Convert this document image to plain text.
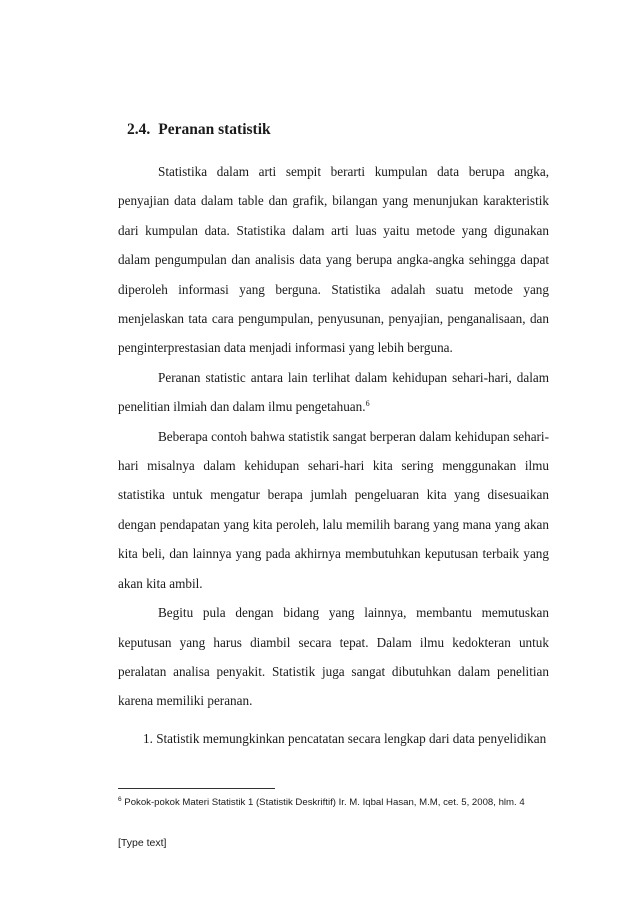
2.4. Peranan statistik

Statistika dalam arti sempit berarti kumpulan data berupa angka, penyajian data dalam table dan grafik, bilangan yang menunjukan karakteristik dari kumpulan data. Statistika dalam arti luas yaitu metode yang digunakan dalam pengumpulan dan analisis data yang berupa angka-angka sehingga dapat diperoleh informasi yang berguna. Statistika adalah suatu metode yang menjelaskan tata cara pengumpulan, penyusunan, penyajian, penganalisaan, dan penginterprestasian data menjadi informasi yang lebih berguna.

Peranan statistic antara lain terlihat dalam kehidupan sehari-hari, dalam penelitian ilmiah dan dalam ilmu pengetahuan.$^6$

Beberapa contoh bahwa statistik sangat berperan dalam kehidupan sehari-hari misalnya dalam kehidupan sehari-hari kita sering menggunakan ilmu statistika untuk mengatur berapa jumlah pengeluaran kita yang disesuaikan dengan pendapatan yang kita peroleh, lalu memilih barang yang mana yang akan kita beli, dan lainnya yang pada akhirnya membutuhkan keputusan terbaik yang akan kita ambil.

Begitu pula dengan bidang yang lainnya, membantu memutuskan keputusan yang harus diambil secara tepat. Dalam ilmu kedokteran untuk peralatan analisa penyakit. Statistik juga sangat dibutuhkan dalam penelitian karena memiliki peranan.

1. Statistik memungkinkan pencatatan secara lengkap dari data penyelidikan
$^6$ Pokok-pokok Materi Statistik 1 (Statistik Deskriftif) Ir. M. Iqbal Hasan, M.M, cet. 5, 2008, hlm. 4
[Type text]
